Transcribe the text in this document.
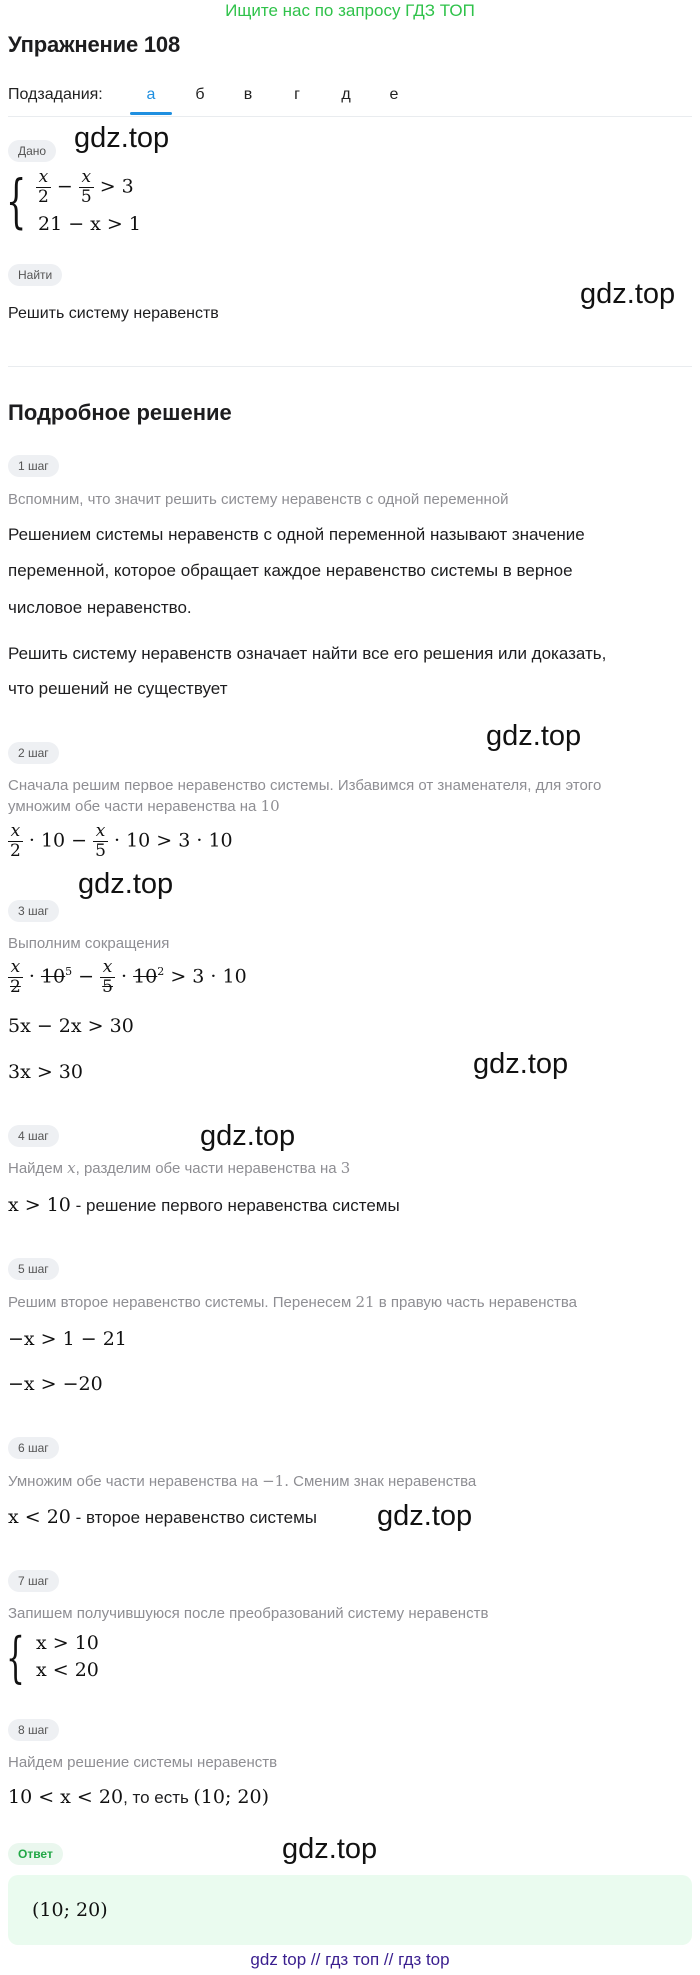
Ищите нас по запросу ГДЗ ТОП
Упражнение 108
Подзадания:	а	б	в	г	д	е
Дано gdz.top
{ $\frac{x}{2} - \frac{x}{5} > 3$
21 − x > 1
Найти
gdz.top
Решить систему неравенств
Подробное решение
1 шаг
Вспомним, что значит решить систему неравенств с одной переменной
Решением системы неравенств с одной переменной называют значение
переменной, которое обращает каждое неравенство системы в верное
числовое неравенство.
Решить систему неравенств означает найти все его решения или доказать,
что решений не существует
gdz.top
2 шаг
Сначала решим первое неравенство системы. Избавимся от знаменателя, для этого
умножим обе части неравенства на 10
$\frac{x}{2} \cdot 10 - \frac{x}{5} \cdot 10 > 3 \cdot 10$
gdz.top
3 шаг
Выполним сокращения
$\frac{x}{2} \cdot 10^5 - \frac{x}{5} \cdot 10^2 > 3 \cdot 10$
5x − 2x > 30
gdz.top
3x > 30
gdz.top
4 шаг
Найдем x, разделим обе части неравенства на 3
x > 10 - решение первого неравенства системы
5 шаг
Решим второе неравенство системы. Перенесем 21 в правую часть неравенства
−x > 1 − 21
−x > −20
6 шаг
Умножим обе части неравенства на −1. Сменим знак неравенства
x < 20 - второе неравенство системы gdz.top
7 шаг
Запишем получившуюся после преобразований систему неравенств
{ x > 10
x < 20
8 шаг
Найдем решение системы неравенств
10 < x < 20, то есть (10; 20)
gdz.top
Ответ
(10; 20)
gdz top // гдз топ // гдз top
